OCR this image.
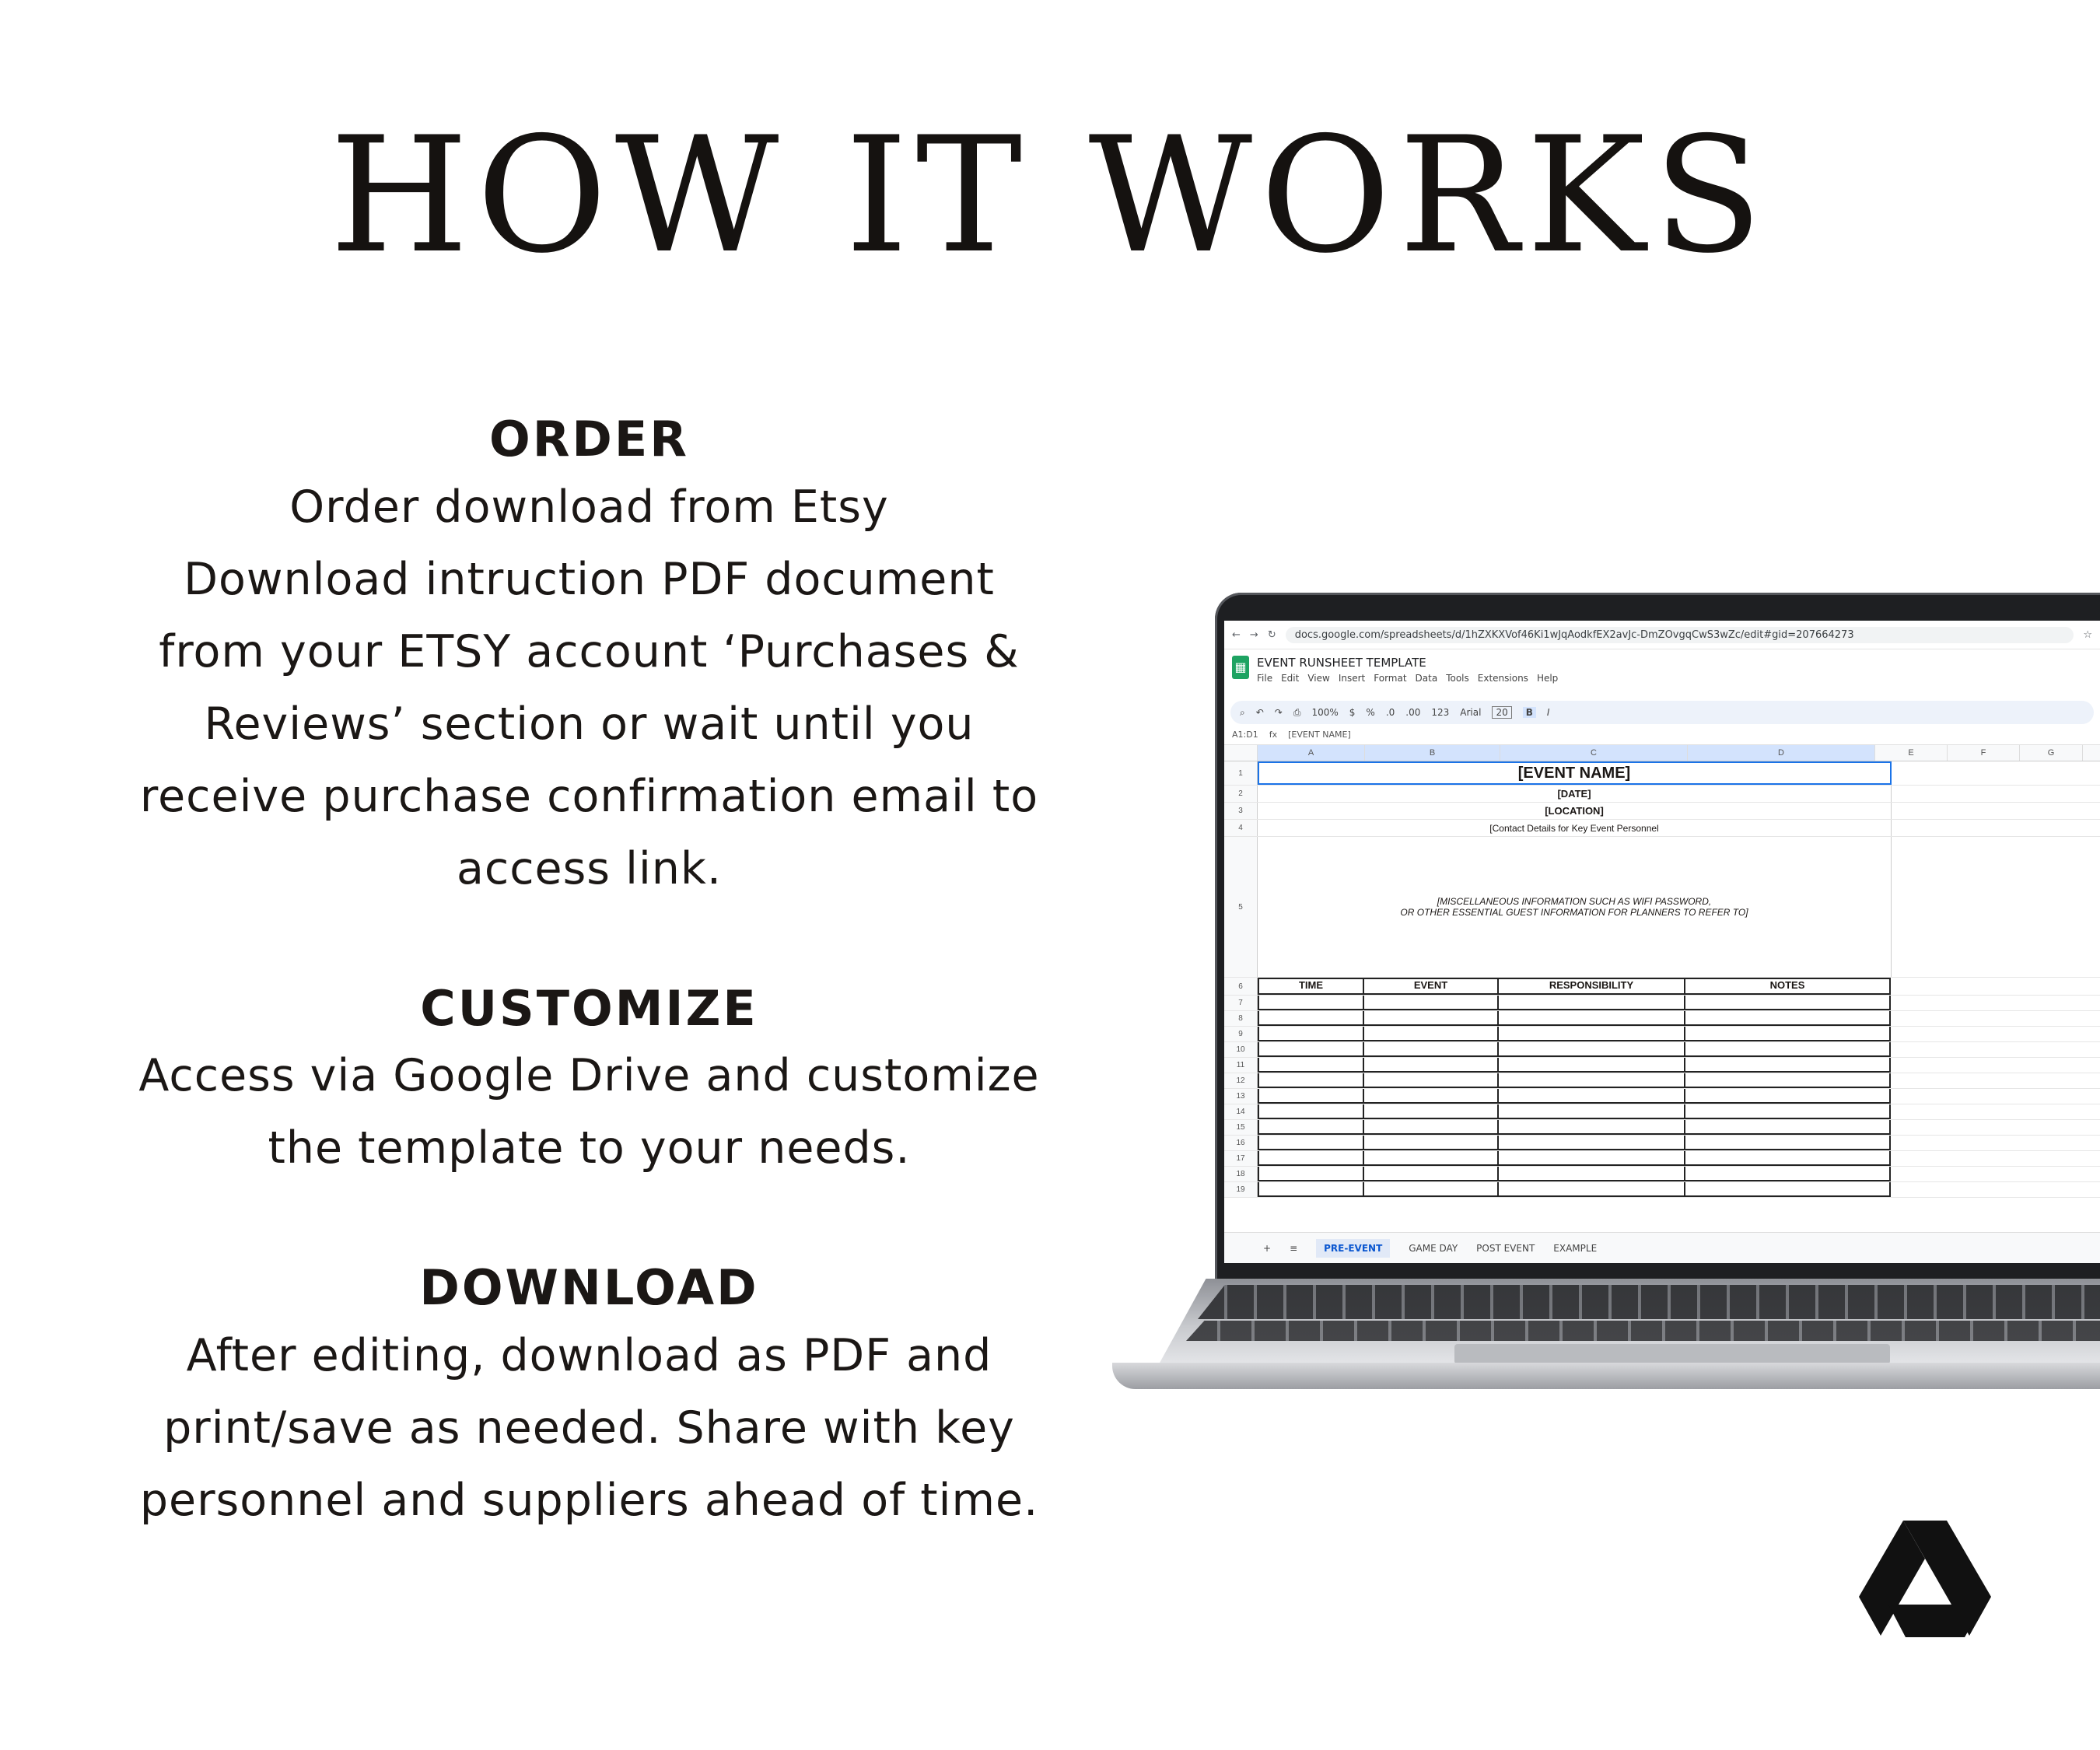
HOW IT WORKS
ORDER

Order download from Etsy

Download intruction PDF document

from your ETSY account ‘Purchases &

Reviews’ section or wait until you

receive purchase confirmation email to

access link.

CUSTOMIZE

Access via Google Drive and customize

the template to your needs.

DOWNLOAD

After editing, download as PDF and

print/save as needed. Share with key

personnel and suppliers ahead of time.

← → ↻	docs.google.com/spreadsheets/d/1hZXKXVof46Ki1wJqAodkfEX2avJc-DmZOvgqCwS3wZc/edit#gid=207664273	☆
▦ EVENT RUNSHEET TEMPLATE
File Edit View Insert Format Data Tools Extensions Help
⌕ ↶ ↷ ⎙ 100% $ % .0 .00 123 Arial	20	B	I
A1:D1 fx [EVENT NAME]
A	B	C	D	E	F	G
1	[EVENT NAME]
2	[DATE]
3	[LOCATION]
4	[Contact Details for Key Event Personnel
5	[MISCELLANEOUS INFORMATION SUCH AS WIFI PASSWORD,
OR OTHER ESSENTIAL GUEST INFORMATION FOR PLANNERS TO REFER TO]
6	TIME	EVENT	RESPONSIBILITY	NOTES
7
8
9
10
11
12
13
14
15
16
17
18
19
+ ≡	PRE-EVENT	GAME DAY POST EVENT EXAMPLE
